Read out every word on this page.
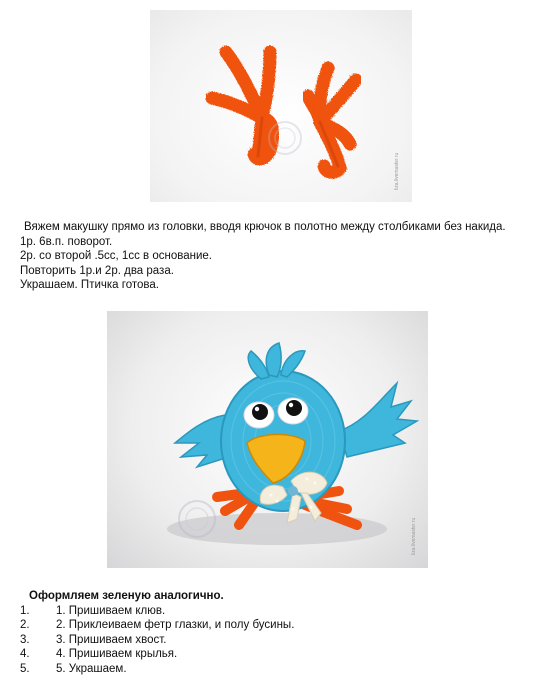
liza.livemaster.ru

Вяжем макушку прямо из головки, вводя крючок в полотно между столбиками без накида.

1р. 6в.п. поворот.

2р. со второй .5сс, 1сс в основание.

Повторить 1р.и 2р. два раза.

Украшаем. Птичка готова.

liza.livemaster.ru

Оформляем зеленую аналогично.

1.	1. Пришиваем клюв.
2.	2. Приклеиваем фетр глазки, и полу бусины.
3.	3. Пришиваем хвост.
4.	4. Пришиваем крылья.
5.	5. Украшаем.
